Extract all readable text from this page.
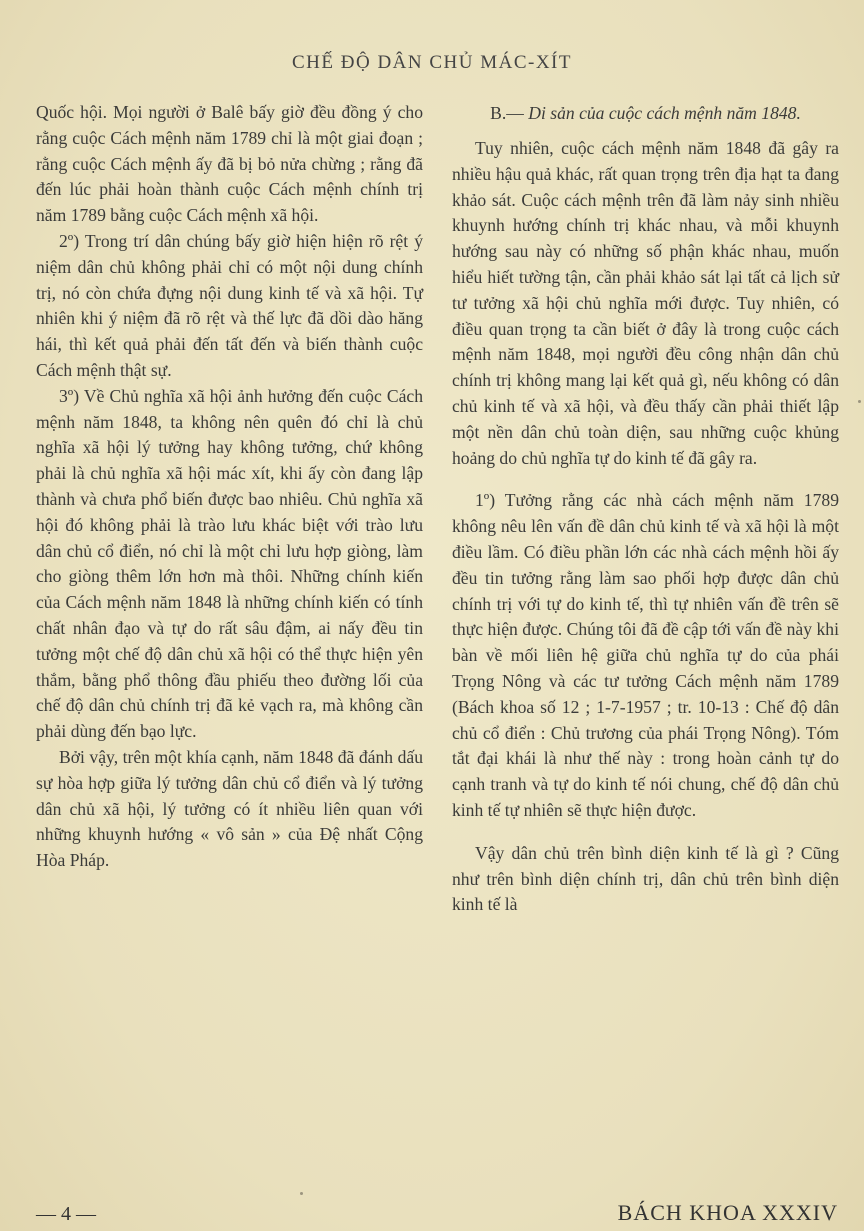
CHẾ ĐỘ DÂN CHỦ MÁC-XÍT

Quốc hội. Mọi người ở Balê bấy giờ đều đồng ý cho rằng cuộc Cách mệnh năm 1789 chỉ là một giai đoạn ; rằng cuộc Cách mệnh ấy đã bị bỏ nửa chừng ; rằng đã đến lúc phải hoàn thành cuộc Cách mệnh chính trị năm 1789 bằng cuộc Cách mệnh xã hội.

2º) Trong trí dân chúng bấy giờ hiện hiện rõ rệt ý niệm dân chủ không phải chỉ có một nội dung chính trị, nó còn chứa đựng nội dung kinh tế và xã hội. Tự nhiên khi ý niệm đã rõ rệt và thế lực đã dồi dào hăng hái, thì kết quả phải đến tất đến và biến thành cuộc Cách mệnh thật sự.

3º) Về Chủ nghĩa xã hội ảnh hưởng đến cuộc Cách mệnh năm 1848, ta không nên quên đó chỉ là chủ nghĩa xã hội lý tưởng hay không tưởng, chứ không phải là chủ nghĩa xã hội mác xít, khi ấy còn đang lập thành và chưa phổ biến được bao nhiêu. Chủ nghĩa xã hội đó không phải là trào lưu khác biệt với trào lưu dân chủ cổ điển, nó chỉ là một chi lưu hợp giòng, làm cho giòng thêm lớn hơn mà thôi. Những chính kiến của Cách mệnh năm 1848 là những chính kiến có tính chất nhân đạo và tự do rất sâu đậm, ai nấy đều tin tưởng một chế độ dân chủ xã hội có thể thực hiện yên thắm, bằng phổ thông đầu phiếu theo đường lối của chế độ dân chủ chính trị đã kẻ vạch ra, mà không cần phải dùng đến bạo lực.

Bởi vậy, trên một khía cạnh, năm 1848 đã đánh dấu sự hòa hợp giữa lý tưởng dân chủ cổ điển và lý tưởng dân chủ xã hội, lý tưởng có ít nhiều liên quan với những khuynh hướng « vô sản » của Đệ nhất Cộng Hòa Pháp.

B.— Di sản của cuộc cách mệnh năm 1848.

Tuy nhiên, cuộc cách mệnh năm 1848 đã gây ra nhiều hậu quả khác, rất quan trọng trên địa hạt ta đang khảo sát. Cuộc cách mệnh trên đã làm nảy sinh nhiều khuynh hướng chính trị khác nhau, và mỗi khuynh hướng sau này có những số phận khác nhau, muốn hiểu hiết tường tận, cần phải khảo sát lại tất cả lịch sử tư tưởng xã hội chủ nghĩa mới được. Tuy nhiên, có điều quan trọng ta cần biết ở đây là trong cuộc cách mệnh năm 1848, mọi người đều công nhận dân chủ chính trị không mang lại kết quả gì, nếu không có dân chủ kinh tế và xã hội, và đều thấy cần phải thiết lập một nền dân chủ toàn diện, sau những cuộc khủng hoảng do chủ nghĩa tự do kinh tế đã gây ra.

1º) Tưởng rằng các nhà cách mệnh năm 1789 không nêu lên vấn đề dân chủ kinh tế và xã hội là một điều lầm. Có điều phần lớn các nhà cách mệnh hồi ấy đều tin tưởng rằng làm sao phối hợp được dân chủ chính trị với tự do kinh tế, thì tự nhiên vấn đề trên sẽ thực hiện được. Chúng tôi đã đề cập tới vấn đề này khi bàn về mối liên hệ giữa chủ nghĩa tự do của phái Trọng Nông và các tư tưởng Cách mệnh năm 1789 (Bách khoa số 12 ; 1-7-1957 ; tr. 10-13 : Chế độ dân chủ cổ điển : Chủ trương của phái Trọng Nông). Tóm tắt đại khái là như thế này : trong hoàn cảnh tự do cạnh tranh và tự do kinh tế nói chung, chế độ dân chủ kinh tế tự nhiên sẽ thực hiện được.

Vậy dân chủ trên bình diện kinh tế là gì ? Cũng như trên bình diện chính trị, dân chủ trên bình diện kinh tế là

— 4 —	BÁCH KHOA XXXIV
